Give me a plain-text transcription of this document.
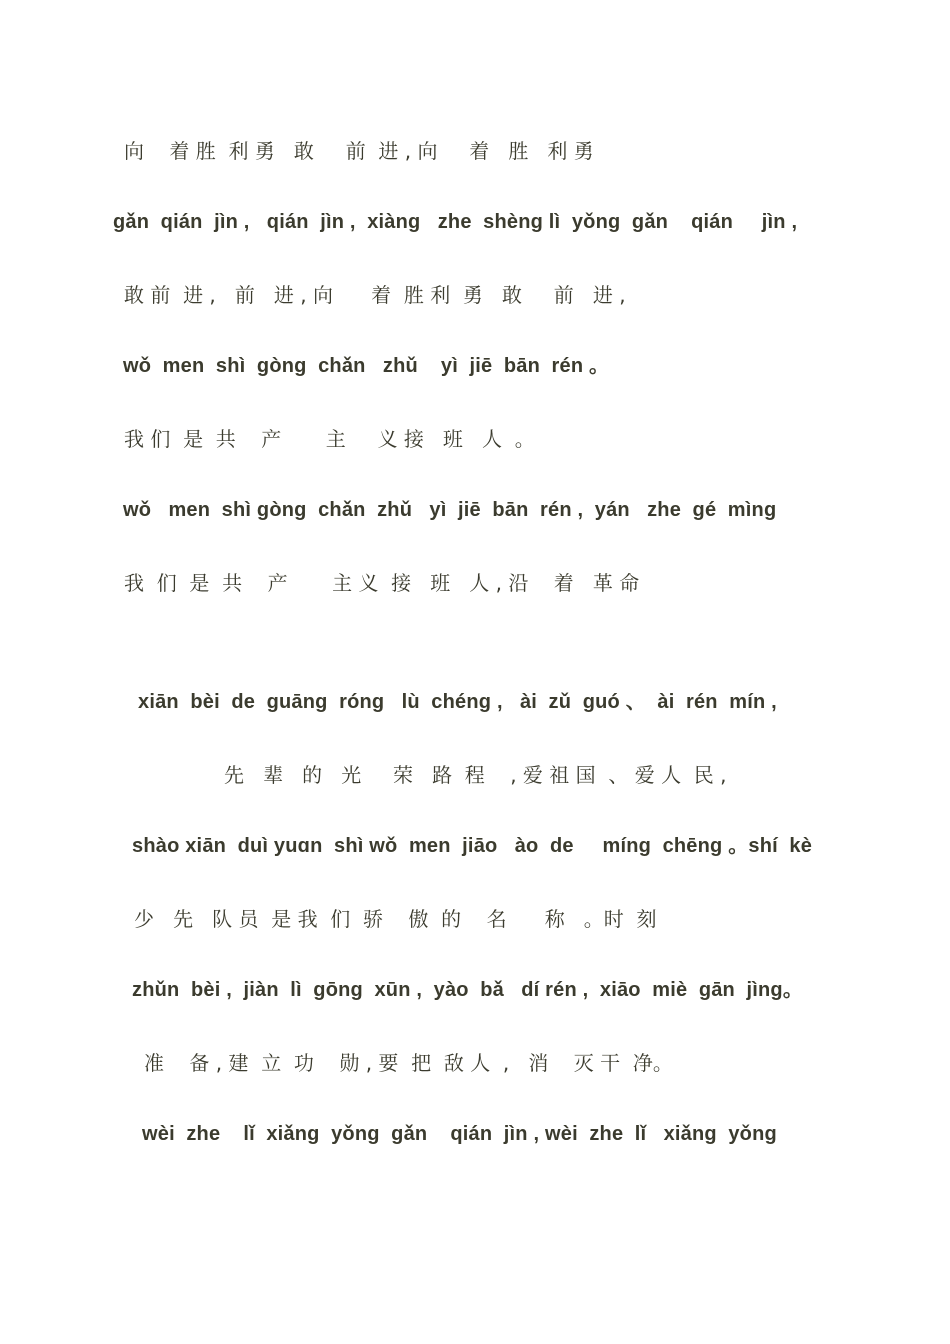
向    着 胜  利 勇   敢     前  进 , 向     着   胜   利 勇
gǎn  qián  jìn ,   qián  jìn ,  xiàng   zhe  shèng lì  yǒng  gǎn    qián     jìn ,
敢 前  进 ,   前   进 , 向      着  胜 利  勇   敢     前   进 ,
wǒ  men  shì  gòng  chǎn   zhǔ    yì  jiē  bān  rén 。
我 们  是  共    产       主     义 接   班   人  。
wǒ   men  shì gòng  chǎn  zhǔ   yì  jiē  bān  rén ,  yán   zhe  gé  mìng
我  们  是  共    产       主 义  接   班   人 , 沿    着   革 命
xiān  bèi  de  guāng  róng   lù  chéng ,   ài  zǔ  guó 、  ài  rén  mín ,
先   辈   的   光     荣   路  程    , 爱 祖 国  、 爱 人  民 ,
shào xiān  duì yuɑn  shì wǒ  men  jiāo   ào  de     míng  chēng 。shí  kè
少   先   队 员  是 我  们  骄    傲  的    名      称   。时  刻
zhǔn  bèi ,  jiàn  lì  gōng  xūn ,  yào  bǎ   dí rén ,  xiāo  miè  gān  jìng。
准    备 , 建  立  功    勋 , 要  把  敌 人  ,   消    灭 干  净。
wèi  zhe    lǐ  xiǎng  yǒng  gǎn    qián  jìn , wèi  zhe  lǐ   xiǎng  yǒng
